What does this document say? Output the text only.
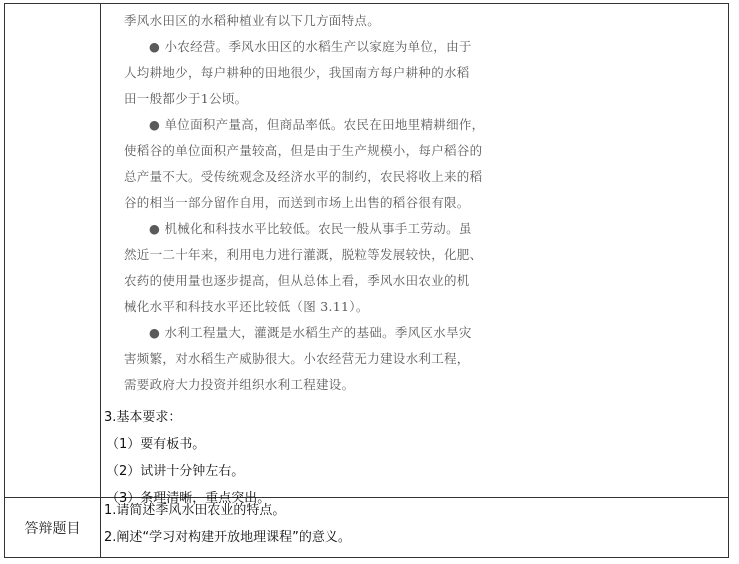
答辩题目

季风水田区的水稻种植业有以下几方面特点。

● 小农经营。季风水田区的水稻生产以家庭为单位，由于

人均耕地少，每户耕种的田地很少，我国南方每户耕种的水稻

田一般都少于1公顷。

● 单位面积产量高，但商品率低。农民在田地里精耕细作，

使稻谷的单位面积产量较高，但是由于生产规模小，每户稻谷的

总产量不大。受传统观念及经济水平的制约，农民将收上来的稻

谷的相当一部分留作自用，而送到市场上出售的稻谷很有限。

● 机械化和科技水平比较低。农民一般从事手工劳动。虽

然近一二十年来，利用电力进行灌溉，脱粒等发展较快，化肥、

农药的使用量也逐步提高，但从总体上看，季风水田农业的机

械化水平和科技水平还比较低（图 3.11）。

● 水利工程量大，灌溉是水稻生产的基础。季风区水旱灾

害频繁，对水稻生产威胁很大。小农经营无力建设水利工程，

需要政府大力投资并组织水利工程建设。

3.基本要求：
（1）要有板书。
（2）试讲十分钟左右。
（3）条理清晰，重点突出。
1.请简述季风水田农业的特点。
2.阐述“学习对构建开放地理课程”的意义。
